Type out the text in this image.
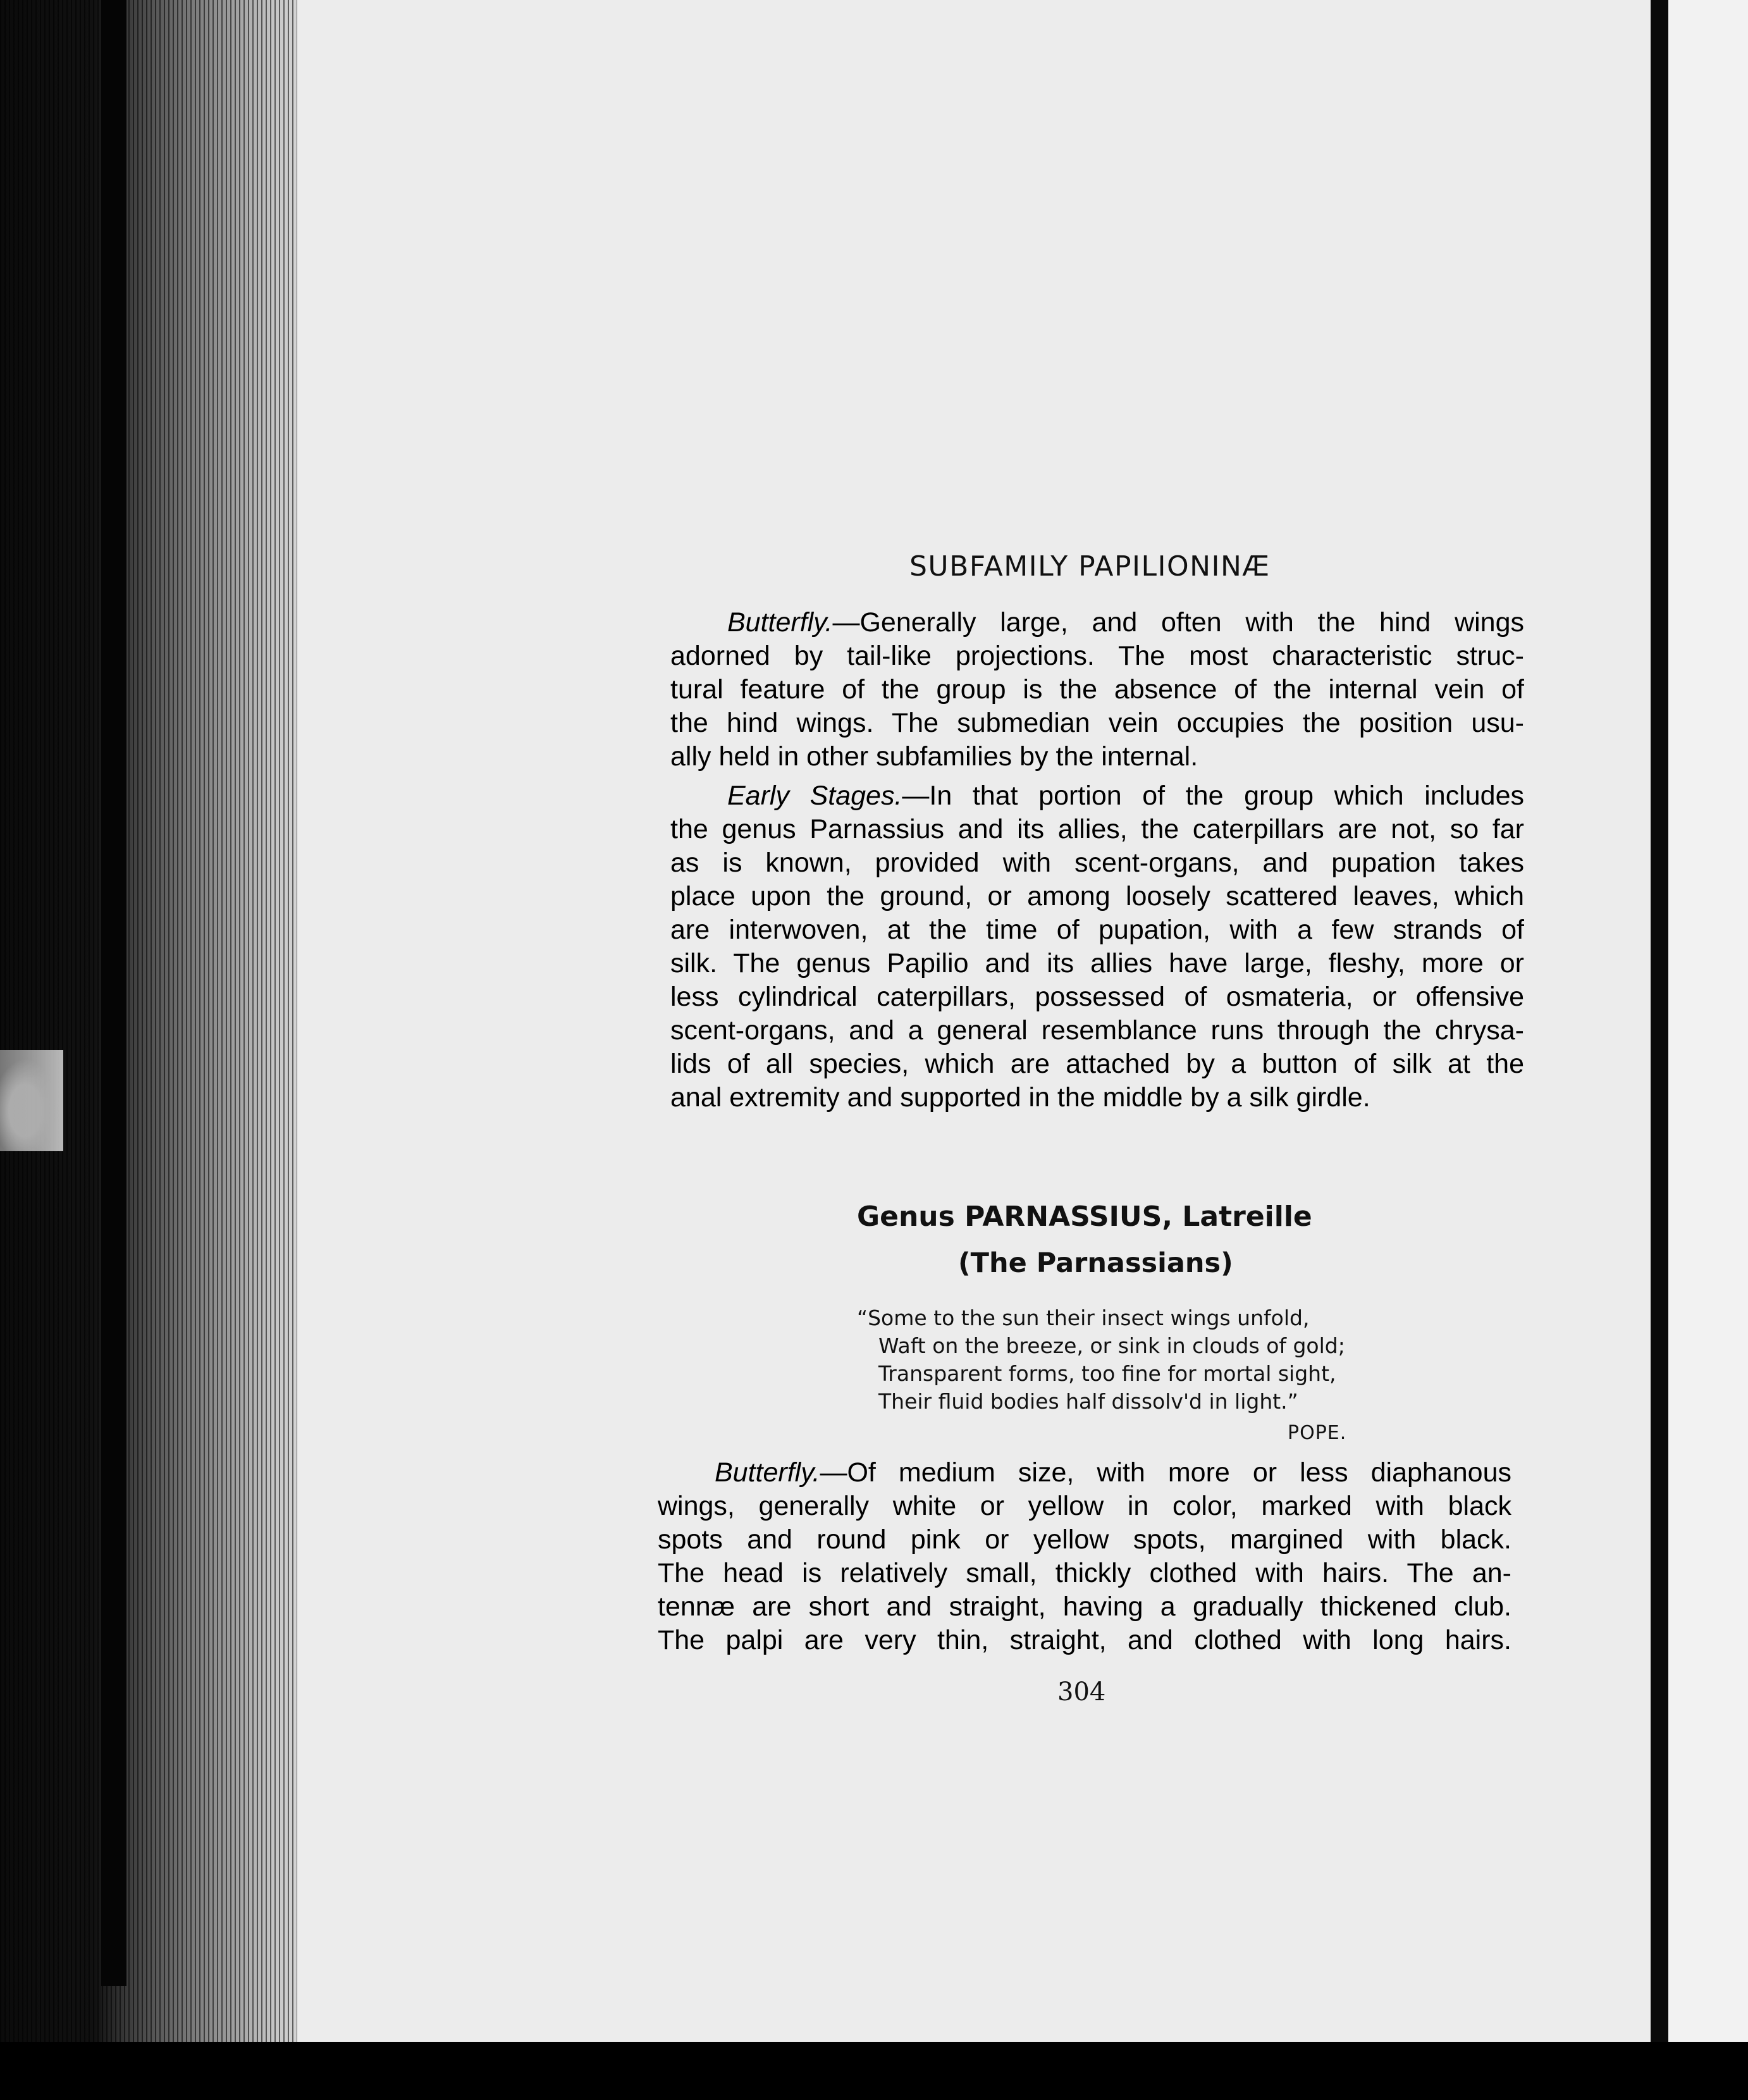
SUBFAMILY PAPILIONINÆ
Butterfly.—Generally large, and often with the hind wings
adorned by tail-like projections. The most characteristic struc-
tural feature of the group is the absence of the internal vein of
the hind wings. The submedian vein occupies the position usu-
ally held in other subfamilies by the internal.
Early Stages.—In that portion of the group which includes
the genus Parnassius and its allies, the caterpillars are not, so far
as is known, provided with scent-organs, and pupation takes
place upon the ground, or among loosely scattered leaves, which
are interwoven, at the time of pupation, with a few strands of
silk. The genus Papilio and its allies have large, fleshy, more or
less cylindrical caterpillars, possessed of osmateria, or offensive
scent-organs, and a general resemblance runs through the chrysa-
lids of all species, which are attached by a button of silk at the
anal extremity and supported in the middle by a silk girdle.
Genus PARNASSIUS, Latreille
(The Parnassians)
“Some to the sun their insect wings unfold,
Waft on the breeze, or sink in clouds of gold;
Transparent forms, too fine for mortal sight,
Their fluid bodies half dissolv'd in light.”
POPE.
Butterfly.—Of medium size, with more or less diaphanous
wings, generally white or yellow in color, marked with black
spots and round pink or yellow spots, margined with black.
The head is relatively small, thickly clothed with hairs. The an-
tennæ are short and straight, having a gradually thickened club.
The palpi are very thin, straight, and clothed with long hairs.
304
